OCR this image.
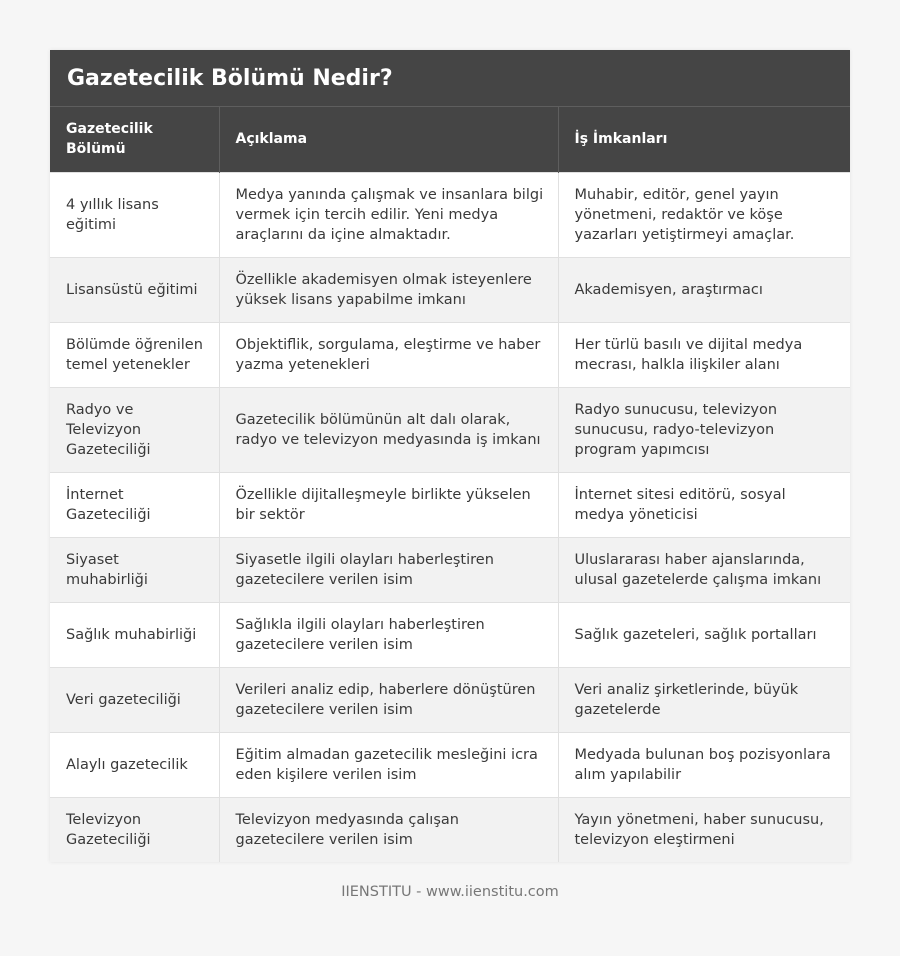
Gazetecilik Bölümü Nedir?
Gazetecilik Bölümü	Açıklama	İş İmkanları
4 yıllık lisans eğitimi	Medya yanında çalışmak ve insanlara bilgi vermek için tercih edilir. Yeni medya araçlarını da içine almaktadır.	Muhabir, editör, genel yayın yönetmeni, redaktör ve köşe yazarları yetiştirmeyi amaçlar.
Lisansüstü eğitimi	Özellikle akademisyen olmak isteyenlere yüksek lisans yapabilme imkanı	Akademisyen, araştırmacı
Bölümde öğrenilen temel yetenekler	Objektiflik, sorgulama, eleştirme ve haber yazma yetenekleri	Her türlü basılı ve dijital medya mecrası, halkla ilişkiler alanı
Radyo ve Televizyon Gazeteciliği	Gazetecilik bölümünün alt dalı olarak, radyo ve televizyon medyasında iş imkanı	Radyo sunucusu, televizyon sunucusu, radyo-televizyon program yapımcısı
İnternet Gazeteciliği	Özellikle dijitalleşmeyle birlikte yükselen bir sektör	İnternet sitesi editörü, sosyal medya yöneticisi
Siyaset muhabirliği	Siyasetle ilgili olayları haberleştiren gazetecilere verilen isim	Uluslararası haber ajanslarında, ulusal gazetelerde çalışma imkanı
Sağlık muhabirliği	Sağlıkla ilgili olayları haberleştiren gazetecilere verilen isim	Sağlık gazeteleri, sağlık portalları
Veri gazeteciliği	Verileri analiz edip, haberlere dönüştüren gazetecilere verilen isim	Veri analiz şirketlerinde, büyük gazetelerde
Alaylı gazetecilik	Eğitim almadan gazetecilik mesleğini icra eden kişilere verilen isim	Medyada bulunan boş pozisyonlara alım yapılabilir
Televizyon Gazeteciliği	Televizyon medyasında çalışan gazetecilere verilen isim	Yayın yönetmeni, haber sunucusu, televizyon eleştirmeni
IIENSTITU - www.iienstitu.com
